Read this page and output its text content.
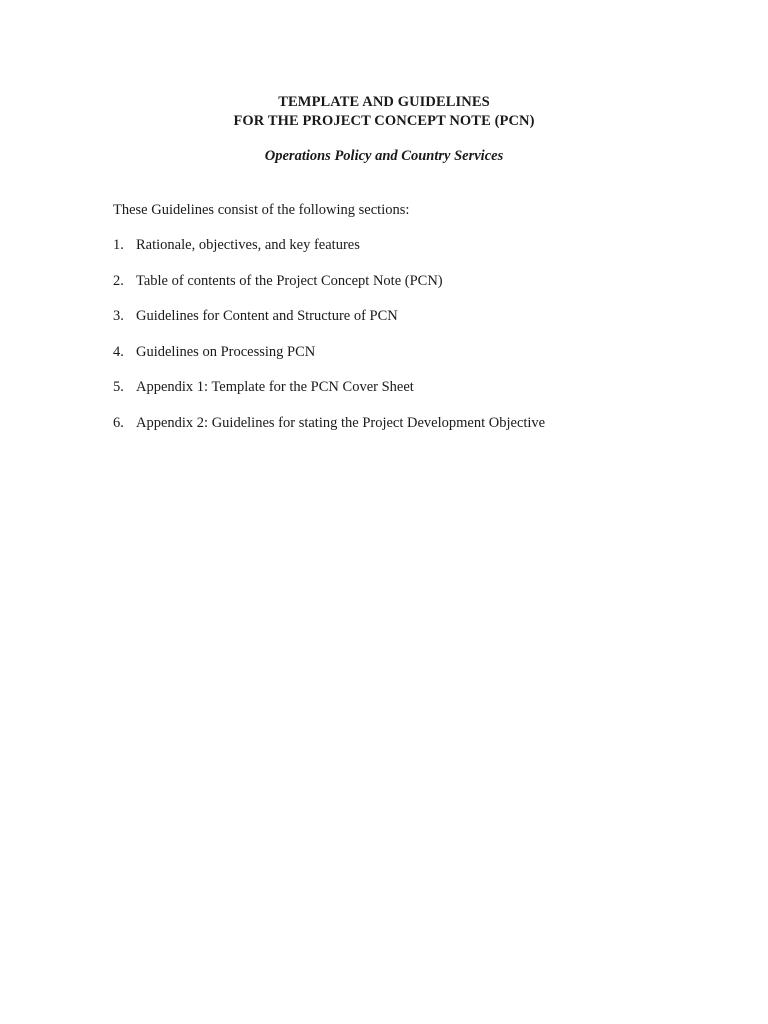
TEMPLATE AND GUIDELINES
FOR THE PROJECT CONCEPT NOTE (PCN)
Operations Policy and Country Services
These Guidelines consist of the following sections:
1. Rationale, objectives, and key features
2. Table of contents of the Project Concept Note (PCN)
3. Guidelines for Content and Structure of PCN
4. Guidelines on Processing PCN
5. Appendix 1: Template for the PCN Cover Sheet
6. Appendix 2: Guidelines for stating the Project Development Objective
